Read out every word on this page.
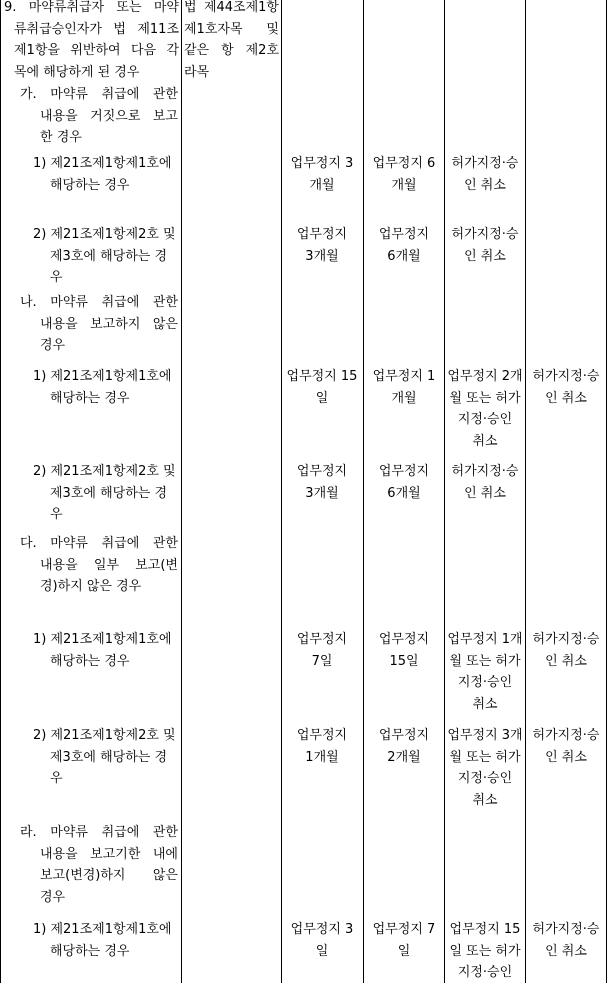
9. 마약류취급자 또는 마약
류취급승인자가 법 제11조
제1항을 위반하여 다음 각
목에 해당하게 된 경우
법 제44조제1항
제1호자목 및
같은 항 제2호
라목
가. 마약류 취급에 관한
내용을 거짓으로 보고
한 경우
1) 제21조제1항제1호에
해당하는 경우
업무정지 3
개월
업무정지 6
개월
허가지정·승
인 취소
2) 제21조제1항제2호 및
제3호에 해당하는 경
우
업무정지
3개월
업무정지
6개월
허가지정·승
인 취소
나. 마약류 취급에 관한
내용을 보고하지 않은
경우
1) 제21조제1항제1호에
해당하는 경우
업무정지 15
일
업무정지 1
개월
업무정지 2개
월 또는 허가
지정·승인
취소
허가지정·승
인 취소
2) 제21조제1항제2호 및
제3호에 해당하는 경
우
업무정지
3개월
업무정지
6개월
허가지정·승
인 취소
다. 마약류 취급에 관한
내용을 일부 보고(변
경)하지 않은 경우
1) 제21조제1항제1호에
해당하는 경우
업무정지
7일
업무정지
15일
업무정지 1개
월 또는 허가
지정·승인
취소
허가지정·승
인 취소
2) 제21조제1항제2호 및
제3호에 해당하는 경
우
업무정지
1개월
업무정지
2개월
업무정지 3개
월 또는 허가
지정·승인
취소
허가지정·승
인 취소
라. 마약류 취급에 관한
내용을 보고기한 내에
보고(변경)하지 않은
경우
1) 제21조제1항제1호에
해당하는 경우
업무정지 3
일
업무정지 7
일
업무정지 15
일 또는 허가
지정·승인
허가지정·승
인 취소
